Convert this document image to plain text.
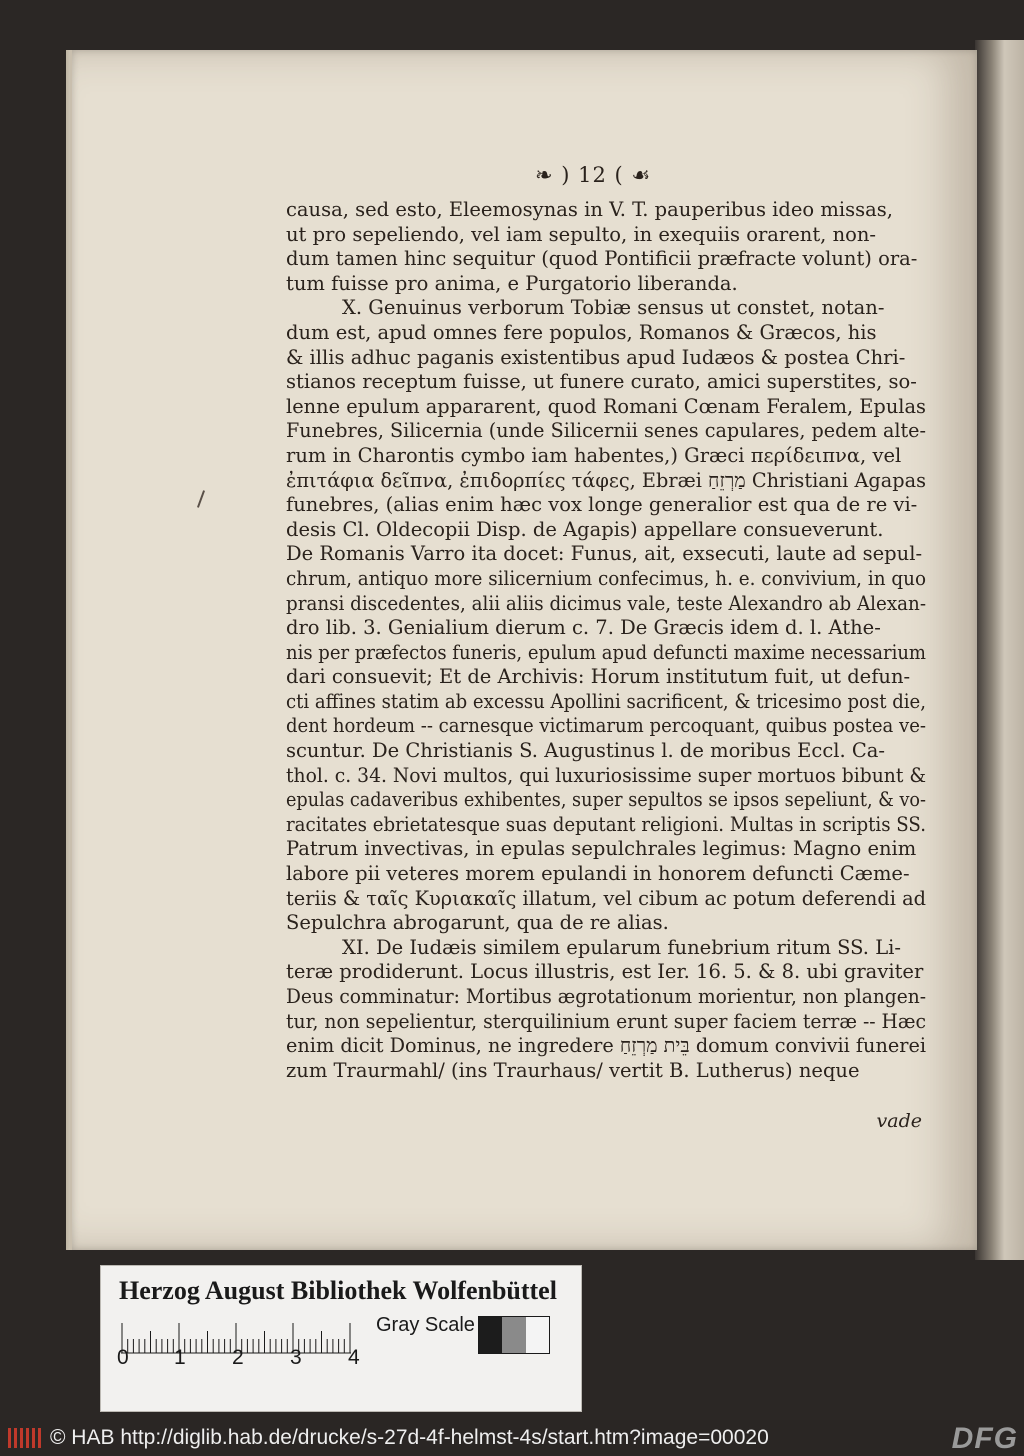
❧ ) 12 ( ☙
causa, sed esto, Eleemosynas in V. T. pauperibus ideo missas,
ut pro sepeliendo, vel iam sepulto, in exequiis orarent, non-
dum tamen hinc sequitur (quod Pontificii præfracte volunt) ora-
tum fuisse pro anima, e Purgatorio liberanda.
X. Genuinus verborum Tobiæ sensus ut constet, notan-
dum est, apud omnes fere populos, Romanos & Græcos, his
& illis adhuc paganis existentibus apud Iudæos & postea Chri-
stianos receptum fuisse, ut funere curato, amici superstites, so-
lenne epulum appararent, quod Romani Cœnam Feralem, Epulas
Funebres, Silicernia (unde Silicernii senes capulares, pedem alte-
rum in Charontis cymbo iam habentes,) Græci περίδειπνα, vel
ἐπιτάφια δεῖπνα, ἐπιδορπίες τάφες, Ebræi מַרְזֵחַ Christiani Agapas
funebres, (alias enim hæc vox longe generalior est qua de re vi-
desis Cl. Oldecopii Disp. de Agapis) appellare consueverunt.
De Romanis Varro ita docet: Funus, ait, exsecuti, laute ad sepul-
chrum, antiquo more silicernium confecimus, h. e. convivium, in quo
pransi discedentes, alii aliis dicimus vale, teste Alexandro ab Alexan-
dro lib. 3. Genialium dierum c. 7. De Græcis idem d. l. Athe-
nis per præfectos funeris, epulum apud defuncti maxime necessarium
dari consuevit; Et de Archivis: Horum institutum fuit, ut defun-
cti affines statim ab excessu Apollini sacrificent, & tricesimo post die,
dent hordeum -- carnesque victimarum percoquant, quibus postea ve-
scuntur. De Christianis S. Augustinus l. de moribus Eccl. Ca-
thol. c. 34. Novi multos, qui luxuriosissime super mortuos bibunt &
epulas cadaveribus exhibentes, super sepultos se ipsos sepeliunt, & vo-
racitates ebrietatesque suas deputant religioni. Multas in scriptis SS.
Patrum invectivas, in epulas sepulchrales legimus: Magno enim
labore pii veteres morem epulandi in honorem defuncti Cæme-
teriis & ταῖς Κυριακαῖς illatum, vel cibum ac potum deferendi ad
Sepulchra abrogarunt, qua de re alias.
XI. De Iudæis similem epularum funebrium ritum SS. Li-
teræ prodiderunt. Locus illustris, est Ier. 16. 5. & 8. ubi graviter
Deus comminatur: Mortibus ægrotationum morientur, non plangen-
tur, non sepelientur, sterquilinium erunt super faciem terræ -- Hæc
enim dicit Dominus, ne ingredere בֵּית מַרְזֵחַ domum convivii funerei
zum Traurmahl/ (ins Traurhaus/ vertit B. Lutherus) neque
vade
Herzog August Bibliothek Wolfenbüttel
0 1 2 3 4
Gray Scale
© HAB http://diglib.hab.de/drucke/s-27d-4f-helmst-4s/start.htm?image=00020	DFG
